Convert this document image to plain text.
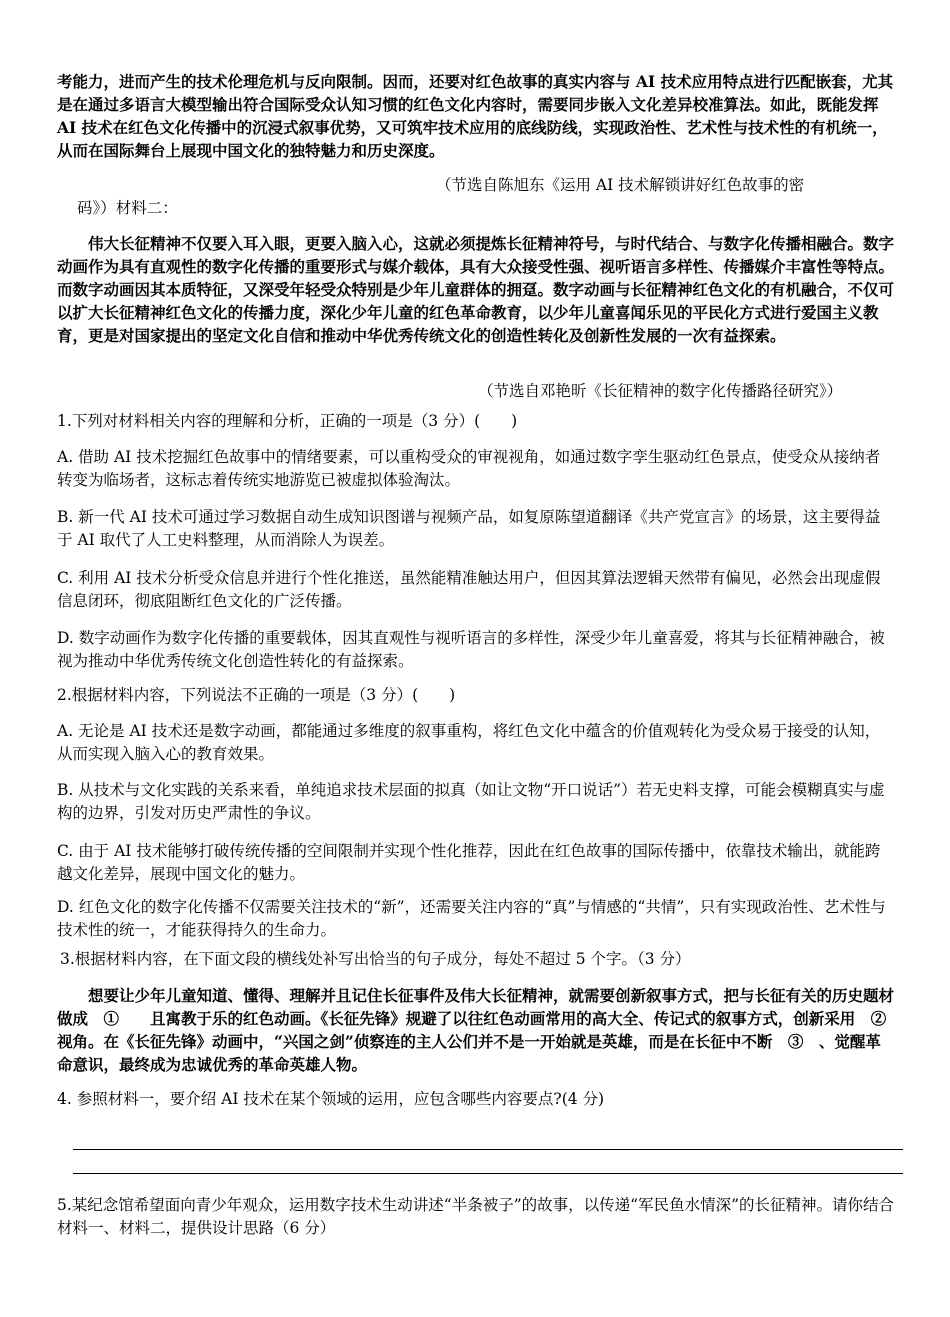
考能力，进而产生的技术伦理危机与反向限制。因而，还要对红色故事的真实内容与 AI 技术应用特点进行匹配嵌套，尤其是在通过多语言大模型输出符合国际受众认知习惯的红色文化内容时，需要同步嵌入文化差异校准算法。如此，既能发挥 AI 技术在红色文化传播中的沉浸式叙事优势，又可筑牢技术应用的底线防线，实现政治性、艺术性与技术性的有机统一，从而在国际舞台上展现中国文化的独特魅力和历史深度。

（节选自陈旭东《运用 AI 技术解锁讲好红色故事的密

码》）材料二：

伟大长征精神不仅要入耳入眼，更要入脑入心，这就必须提炼长征精神符号，与时代结合、与数字化传播相融合。数字动画作为具有直观性的数字化传播的重要形式与媒介载体，具有大众接受性强、视听语言多样性、传播媒介丰富性等特点。而数字动画因其本质特征，又深受年轻受众特别是少年儿童群体的拥趸。数字动画与长征精神红色文化的有机融合，不仅可以扩大长征精神红色文化的传播力度，深化少年儿童的红色革命教育，以少年儿童喜闻乐见的平民化方式进行爱国主义教育，更是对国家提出的坚定文化自信和推动中华优秀传统文化的创造性转化及创新性发展的一次有益探索。

（节选自邓艳昕《长征精神的数字化传播路径研究》）

1.下列对材料相关内容的理解和分析，正确的一项是（3 分）(　　)

A. 借助 AI 技术挖掘红色故事中的情绪要素，可以重构受众的审视视角，如通过数字孪生驱动红色景点，使受众从接纳者转变为临场者，这标志着传统实地游览已被虚拟体验淘汰。

B. 新一代 AI 技术可通过学习数据自动生成知识图谱与视频产品，如复原陈望道翻译《共产党宣言》的场景，这主要得益于 AI 取代了人工史料整理，从而消除人为误差。

C. 利用 AI 技术分析受众信息并进行个性化推送，虽然能精准触达用户，但因其算法逻辑天然带有偏见，必然会出现虚假信息闭环，彻底阻断红色文化的广泛传播。

D. 数字动画作为数字化传播的重要载体，因其直观性与视听语言的多样性，深受少年儿童喜爱，将其与长征精神融合，被视为推动中华优秀传统文化创造性转化的有益探索。

2.根据材料内容，下列说法不正确的一项是（3 分）(　　)

A. 无论是 AI 技术还是数字动画，都能通过多维度的叙事重构，将红色文化中蕴含的价值观转化为受众易于接受的认知，从而实现入脑入心的教育效果。

B. 从技术与文化实践的关系来看，单纯追求技术层面的拟真（如让文物“开口说话”）若无史料支撑，可能会模糊真实与虚构的边界，引发对历史严肃性的争议。

C. 由于 AI 技术能够打破传统传播的空间限制并实现个性化推荐，因此在红色故事的国际传播中，依靠技术输出，就能跨越文化差异，展现中国文化的魅力。

D. 红色文化的数字化传播不仅需要关注技术的“新”，还需要关注内容的“真”与情感的“共情”，只有实现政治性、艺术性与技术性的统一，才能获得持久的生命力。

3.根据材料内容，在下面文段的横线处补写出恰当的句子成分，每处不超过 5 个字。（3 分）

想要让少年儿童知道、懂得、理解并且记住长征事件及伟大长征精神，就需要创新叙事方式，把与长征有关的历史题材做成　①　　且寓教于乐的红色动画。《长征先锋》规避了以往红色动画常用的高大全、传记式的叙事方式，创新采用　②　　视角。在《长征先锋》动画中，“兴国之剑”侦察连的主人公们并不是一开始就是英雄，而是在长征中不断　③　、觉醒革命意识，最终成为忠诚优秀的革命英雄人物。

4. 参照材料一，要介绍 AI 技术在某个领域的运用，应包含哪些内容要点?(4 分)

5.某纪念馆希望面向青少年观众，运用数字技术生动讲述“半条被子”的故事，以传递“军民鱼水情深”的长征精神。请你结合材料一、材料二，提供设计思路（6 分）
